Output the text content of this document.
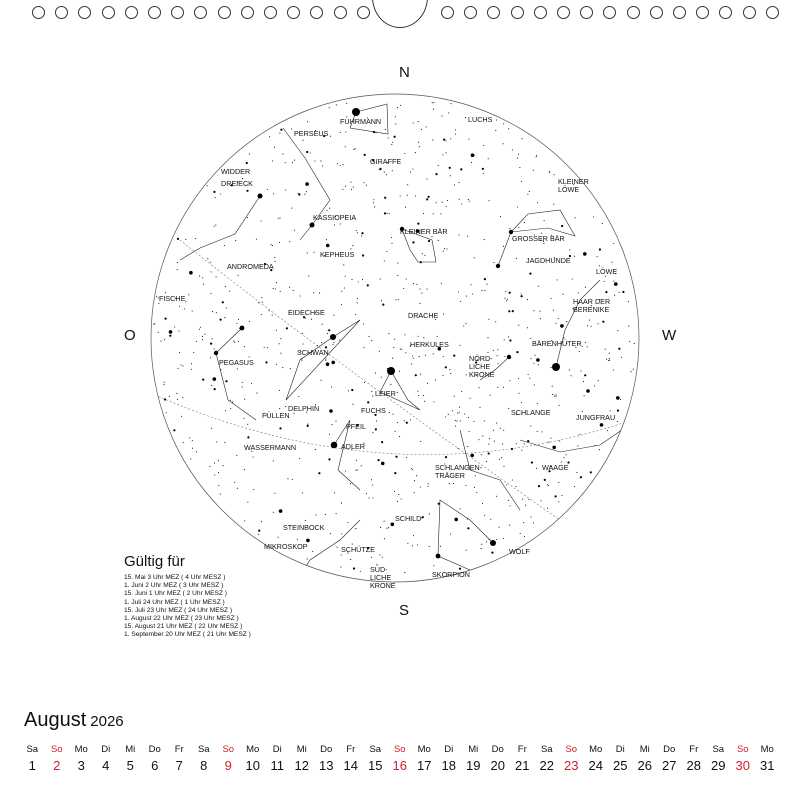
FUHRMANN
PERSEUS
LUCHS
GIRAFFE
WIDDER
DREIECK	KLEINER LÖWE
KASSIOPEIA
KLEINER BÄR
GROSSER BÄR
ANDROMEDA
KEPHEUS
JAGDHUNDE
LÖWE
FISCHE	HAAR DER BERENIKE
EIDECHSE	DRACHE
SCHWAN
HERKULES	BÄRENHÜTER
PEGASUS	NÖRD-LICHE KRONE
LEIER
DELPHIN	FUCHS
FÜLLEN	SCHLANGE
JUNGFRAU
PFEIL
WASSERMANN	ADLER
SCHLANGEN-TRÄGER
WAAGE
SCHILD
STEINBOCK
MIKROSKOP	SCHÜTZE	WOLF
SÜD-LICHE KRONE
SKORPION
N
S
O	W
Gültig für
15. Mai 3 Uhr MEZ ( 4 Uhr MESZ )
1. Juni 2 Uhr MEZ ( 3 Uhr MESZ )
15. Juni 1 Uhr MEZ ( 2 Uhr MESZ )
1. Juli 24 Uhr MEZ ( 1 Uhr MESZ )
15. Juli 23 Uhr MEZ ( 24 Uhr MESZ )
1. August 22 Uhr MEZ ( 23 Uhr MESZ )
15. August 21 Uhr MEZ ( 22 Uhr MESZ )
1. September 20 Uhr MEZ ( 21 Uhr MESZ )
August 2026
Sa
1
So
2
Mo
3
Di
4
Mi
5
Do
6
Fr
7
Sa
8
So
9
Mo
10
Di
11
Mi
12
Do
13
Fr
14
Sa
15
So
16
Mo
17
Di
18
Mi
19
Do
20
Fr
21
Sa
22
So
23
Mo
24
Di
25
Mi
26
Do
27
Fr
28
Sa
29
So
30
Mo
31
